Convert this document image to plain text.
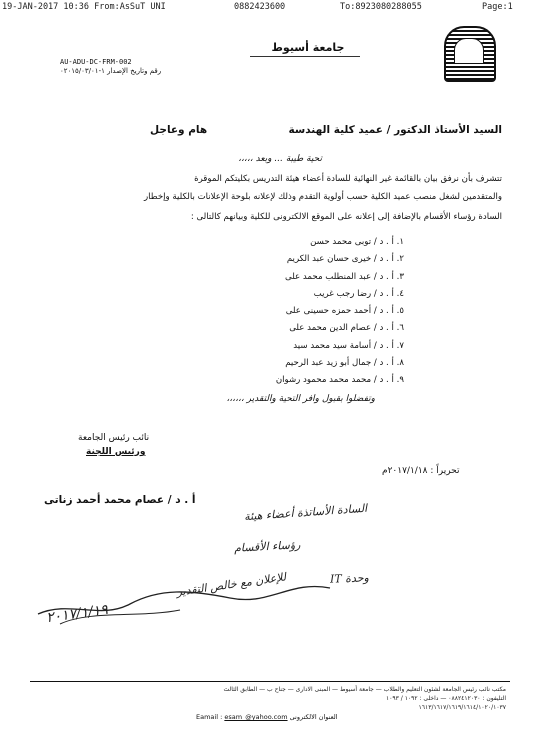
19-JAN-2017 10:36 From:AsSuT UNI	0882423600	To:8923080288055	Page:1
جامعة أسيوط
AU-ADU-DC-FRM-002
رقم وتاريخ الإصدار ١-٠٢٠١٥/٠٣/٠١
السيد الأستاذ الدكتور / عميد كلية الهندسة
هام وعاجل
تحية طيبة ... وبعد ،،،،،
تتشرف بأن نرفق بيان بالقائمة غير النهائية للسادة أعضاء هيئة التدريس بكليتكم الموقرة
والمتقدمين لشغل منصب عميد الكلية حسب أولوية التقدم وذلك لإعلانه بلوحة الإعلانات بالكلية وإخطار
السادة رؤساء الأقسام بالإضافة إلى إعلانه على الموقع الالكترونى للكلية وبيانهم كالتالى :
١. أ . د / توبى محمد حسن
٢. أ . د / خيرى حسان عبد الكريم
٣. أ . د / عبد المنطلب محمد على
٤. أ . د / رضا رجب غريب
٥. أ . د / أحمد حمزه حسينى على
٦. أ . د / عصام الدين محمد على
٧. أ . د / أسامة سيد محمد سيد
٨. أ . د / جمال أبو زيد عبد الرحيم
٩. أ . د / محمد محمد محمود رشوان
وتفضلوا بقبول وافر التحية والتقدير ،،،،،،
نائب رئيس الجامعة
ورئيس اللجنة
تحريراً : ٢٠١٧/١/١٨م
أ . د / عصام محمد أحمد زناتى
السادة الأساتذة أعضاء هيئة
رؤساء الأقسام
وحدة IT
للإعلان مع خالص التقدير
٢٠١٧/١/١٩
مكتب نائب رئيس الجامعة لشئون التعليم والطلاب — جامعة أسيوط — المبنى الادارى — جناح ب — الطابق الثالث
التليفون : ٠٨٨٢٤١٢٠٣٠ — داخلى : ١٠٩٢ / ١٠٩٣
١٦١٣/١٦١٧/١٦١٩/١٦١٤/١٠٢٠/١٠٣٧
Eamail : esam_@yahoo.com العنوان الالكترونى
